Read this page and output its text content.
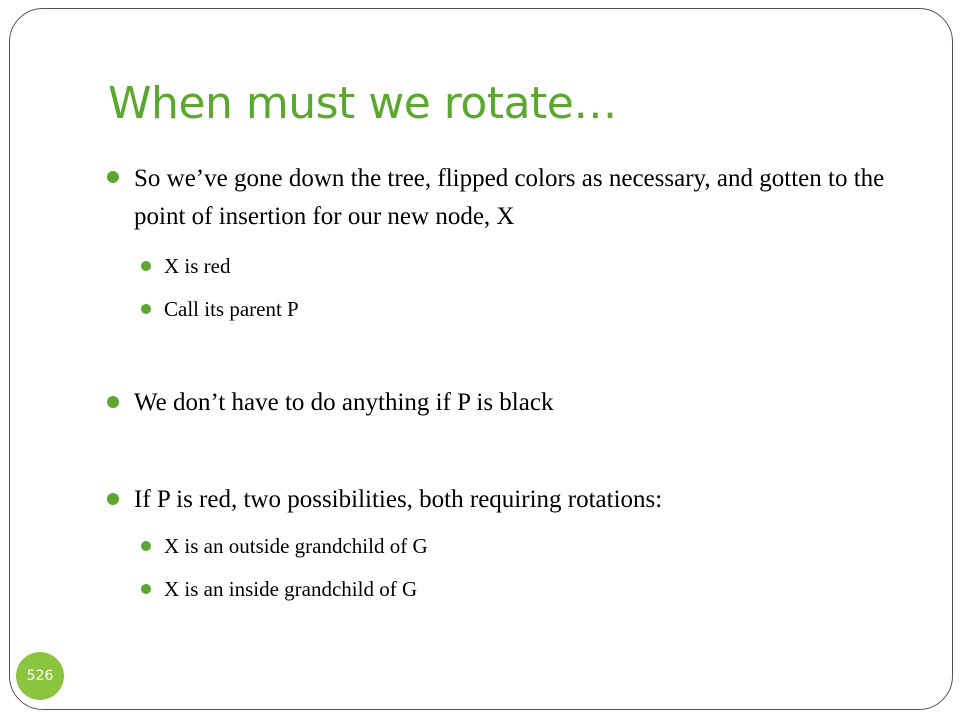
When must we rotate…
So we’ve gone down the tree, flipped colors as necessary, and gotten to the point of insertion for our new node, X
X is red
Call its parent P
We don’t have to do anything if P is black
If P is red, two possibilities, both requiring rotations:
X is an outside grandchild of G
X is an inside grandchild of G
526
